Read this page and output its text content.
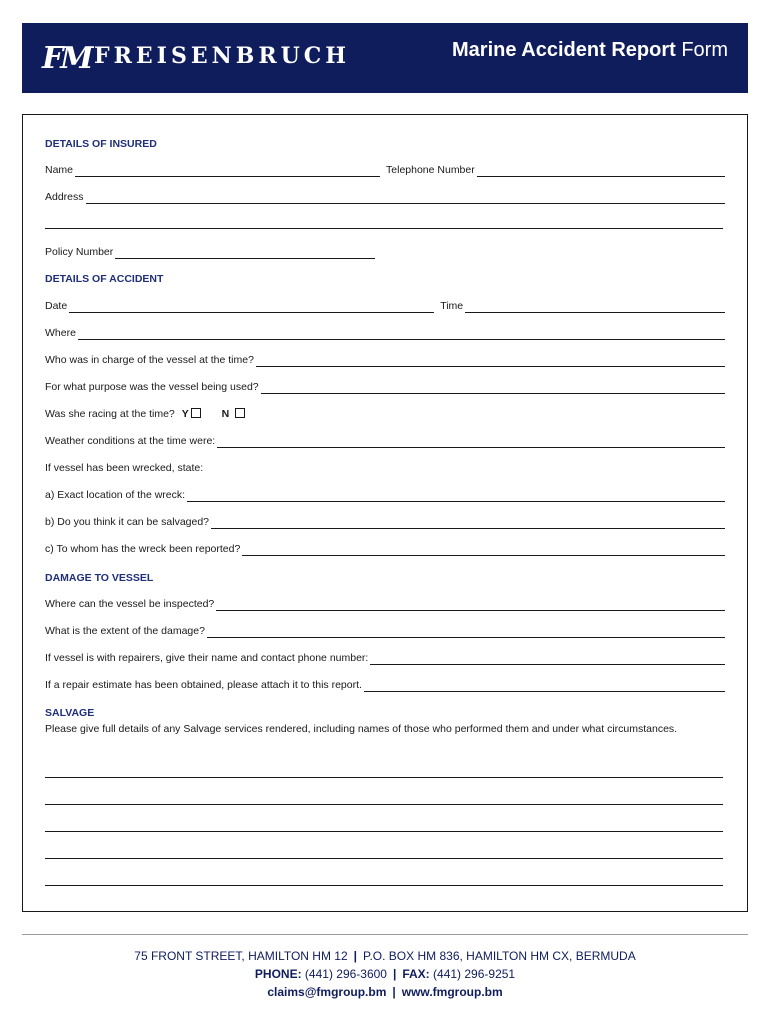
FM FREISENBRUCH	Marine Accident Report Form
DETAILS OF INSURED
Name	Telephone Number
Address
Policy Number
DETAILS OF ACCIDENT
Date	Time
Where
Who was in charge of the vessel at the time?
For what purpose was the vessel being used?
Was she racing at the time? Y	N
Weather conditions at the time were:
If vessel has been wrecked, state:
a) Exact location of the wreck:
b) Do you think it can be salvaged?
c) To whom has the wreck been reported?
DAMAGE TO VESSEL
Where can the vessel be inspected?
What is the extent of the damage?
If vessel is with repairers, give their name and contact phone number:
If a repair estimate has been obtained, please attach it to this report.
SALVAGE
Please give full details of any Salvage services rendered, including names of those who performed them and under what circumstances.
75 FRONT STREET, HAMILTON HM 12 | P.O. BOX HM 836, HAMILTON HM CX, BERMUDA
PHONE: (441) 296-3600 | FAX: (441) 296-9251
claims@fmgroup.bm | www.fmgroup.bm
